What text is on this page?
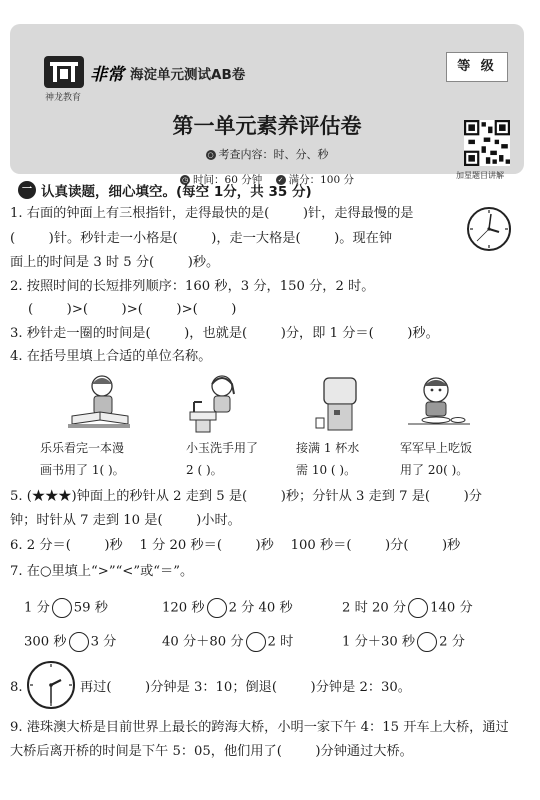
非常 海淀单元测试AB卷
神龙教育
等 级
第一单元素养评估卷
○ 考查内容：时、分、秒
◷ 时间：60 分钟 ✓ 满分：100 分	加星题目讲解
一 认真读题，细心填空。(每空 1分，共 35 分)
1. 右面的钟面上有三根指针，走得最快的是(        )针，走得最慢的是
(        )针。秒针走一小格是(        )，走一大格是(        )。现在钟
面上的时间是 3 时 5 分(        )秒。
2. 按照时间的长短排列顺序：160 秒，3 分，150 分，2 时。
(        )>(        )>(        )>(        )
3. 秒针走一圈的时间是(        )，也就是(        )分，即 1 分＝(        )秒。
4. 在括号里填上合适的单位名称。
乐乐看完一本漫
画书用了 1( )。
小玉洗手用了
2 ( )。
接满 1 杯水
需 10 ( )。
军军早上吃饭
用了 20( )。
5. (★★★)钟面上的秒针从 2 走到 5 是(        )秒；分针从 3 走到 7 是(        )分
钟；时针从 7 走到 10 是(        )小时。
6. 2 分＝(        )秒    1 分 20 秒＝(        )秒    100 秒＝(        )分(        )秒
7. 在○里填上“>”“<”或“＝”。
1 分 59 秒	120 秒 2 分 40 秒	2 时 20 分 140 分
300 秒 3 分	40 分＋80 分 2 时	1 分＋30 秒 2 分
8.	再过(        )分钟是 3：10；倒退(        )分钟是 2：30。
9. 港珠澳大桥是目前世界上最长的跨海大桥，小明一家下午 4：15 开车上大桥，通过
大桥后离开桥的时间是下午 5：05，他们用了(        )分钟通过大桥。
